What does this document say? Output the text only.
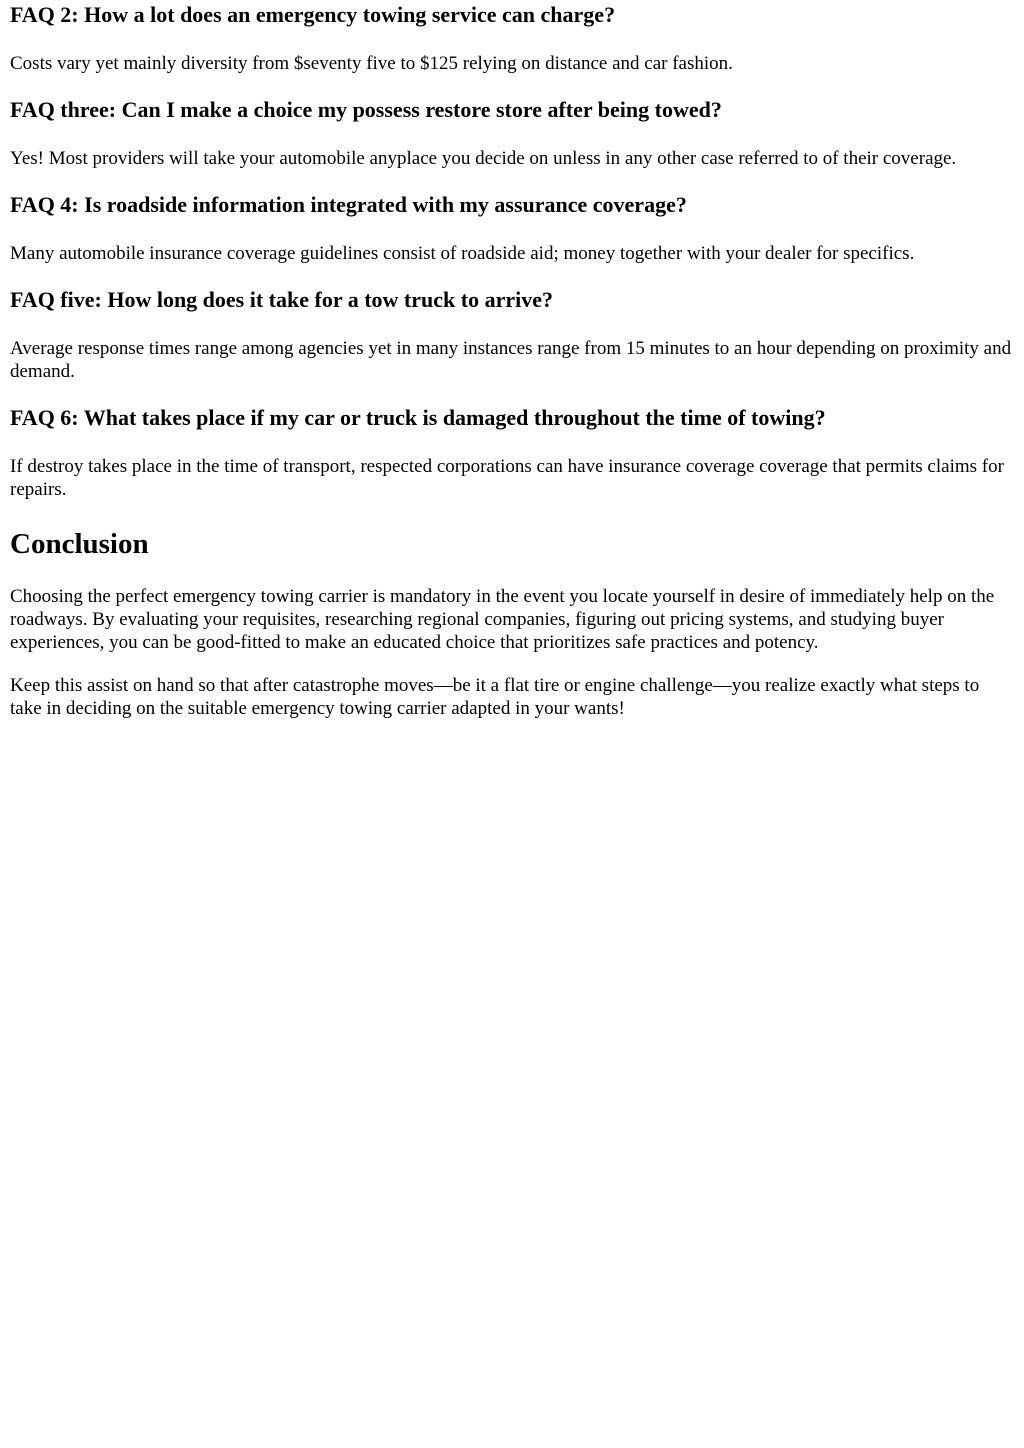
FAQ 2: How a lot does an emergency towing service can charge?

Costs vary yet mainly diversity from $seventy five to $125 relying on distance and car fashion.

FAQ three: Can I make a choice my possess restore store after being towed?

Yes! Most providers will take your automobile anyplace you decide on unless in any other case referred to of their coverage.

FAQ 4: Is roadside information integrated with my assurance coverage?

Many automobile insurance coverage guidelines consist of roadside aid; money together with your dealer for specifics.

FAQ five: How long does it take for a tow truck to arrive?

Average response times range among agencies yet in many instances range from 15 minutes to an hour depending on proximity and demand.

FAQ 6: What takes place if my car or truck is damaged throughout the time of towing?

If destroy takes place in the time of transport, respected corporations can have insurance coverage coverage that permits claims for repairs.

Conclusion

Choosing the perfect emergency towing carrier is mandatory in the event you locate yourself in desire of immediately help on the roadways. By evaluating your requisites, researching regional companies, figuring out pricing systems, and studying buyer experiences, you can be good-fitted to make an educated choice that prioritizes safe practices and potency.

Keep this assist on hand so that after catastrophe moves—be it a flat tire or engine challenge—you realize exactly what steps to take in deciding on the suitable emergency towing carrier adapted in your wants!
